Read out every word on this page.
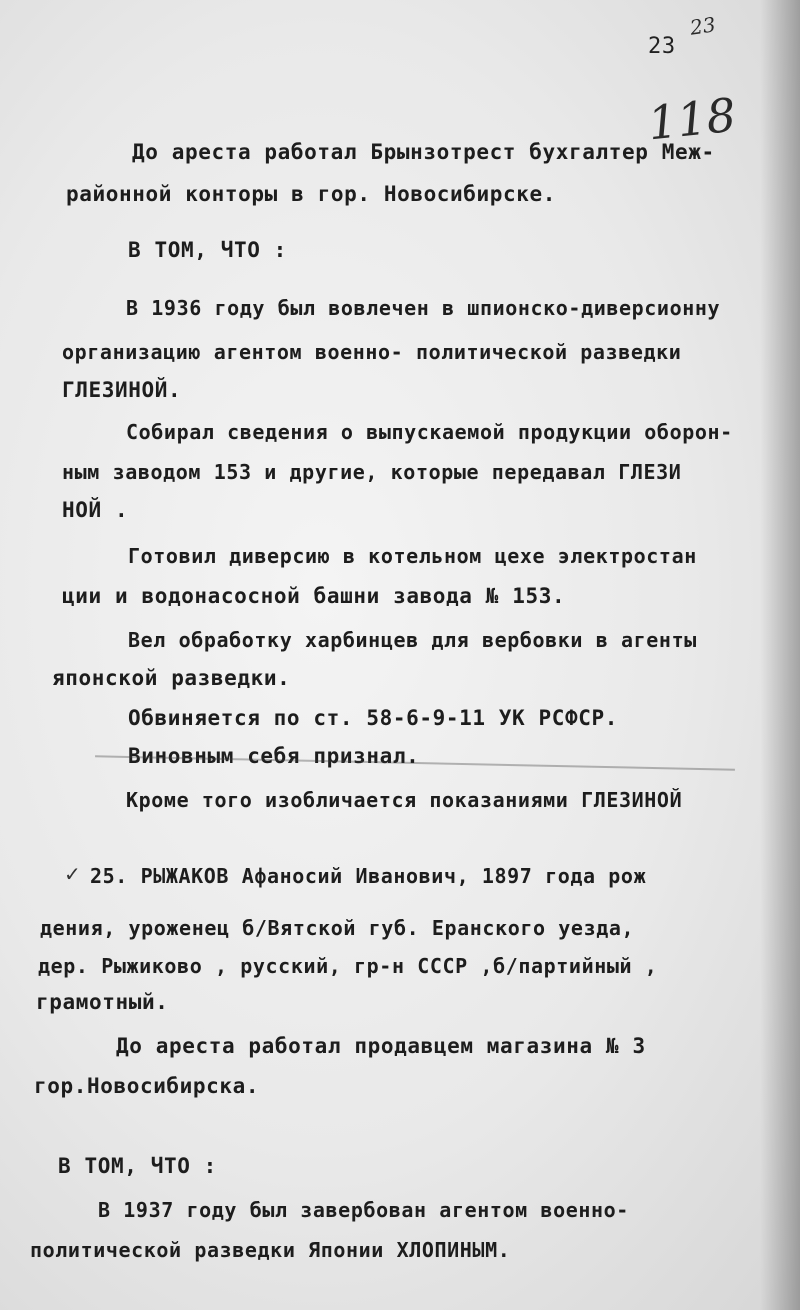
23
23
118
До ареста работал Брынзотрест бухгалтер Меж-
районной конторы в гор. Новосибирске.
В ТОМ, ЧТО :
В 1936 году был вовлечен в шпионско-диверсионну
организацию агентом военно- политической разведки
ГЛЕЗИНОЙ.
Собирал сведения о выпускаемой продукции оборон-
ным заводом 153 и другие, которые передавал ГЛЕЗИ
НОЙ .
Готовил диверсию в котельном цехе электростан
ции и водонасосной башни завода № 153.
Вел обработку харбинцев для вербовки в агенты
японской разведки.
Обвиняется по ст. 58-6-9-11 УК РСФСР.
Виновным себя признал.
Кроме того изобличается показаниями ГЛЕЗИНОЙ
✓ 25. РЫЖАКОВ Афаносий Иванович, 1897 года рож
дения, уроженец б/Вятской губ. Еранского уезда,
дер. Рыжиково , русский, гр-н СССР ,б/партийный ,
грамотный.
До ареста работал продавцем магазина № 3
гор.Новосибирска.
В ТОМ, ЧТО :
В 1937 году был завербован агентом военно-
политической разведки Японии ХЛОПИНЫМ.
